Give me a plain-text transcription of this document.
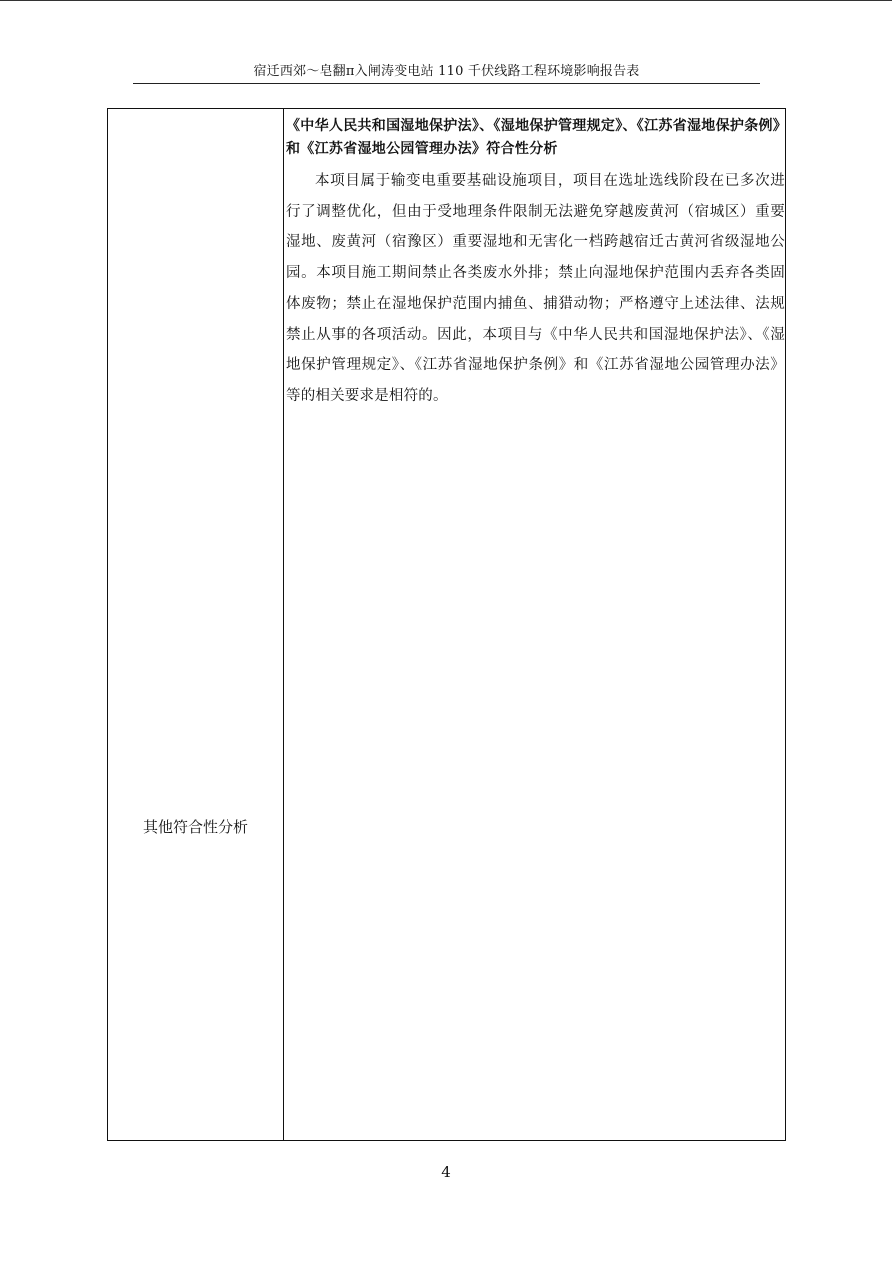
宿迁西郊～皂翻π入闸涛变电站 110 千伏线路工程环境影响报告表
其他符合性分析
《中华人民共和国湿地保护法》、《湿地保护管理规定》、《江苏省湿地保护条例》和《江苏省湿地公园管理办法》符合性分析

本项目属于输变电重要基础设施项目，项目在选址选线阶段在已多次进行了调整优化，但由于受地理条件限制无法避免穿越废黄河（宿城区）重要湿地、废黄河（宿豫区）重要湿地和无害化一档跨越宿迁古黄河省级湿地公园。本项目施工期间禁止各类废水外排；禁止向湿地保护范围内丢弃各类固体废物；禁止在湿地保护范围内捕鱼、捕猎动物；严格遵守上述法律、法规禁止从事的各项活动。因此，本项目与《中华人民共和国湿地保护法》、《湿地保护管理规定》、《江苏省湿地保护条例》和《江苏省湿地公园管理办法》等的相关要求是相符的。

4
